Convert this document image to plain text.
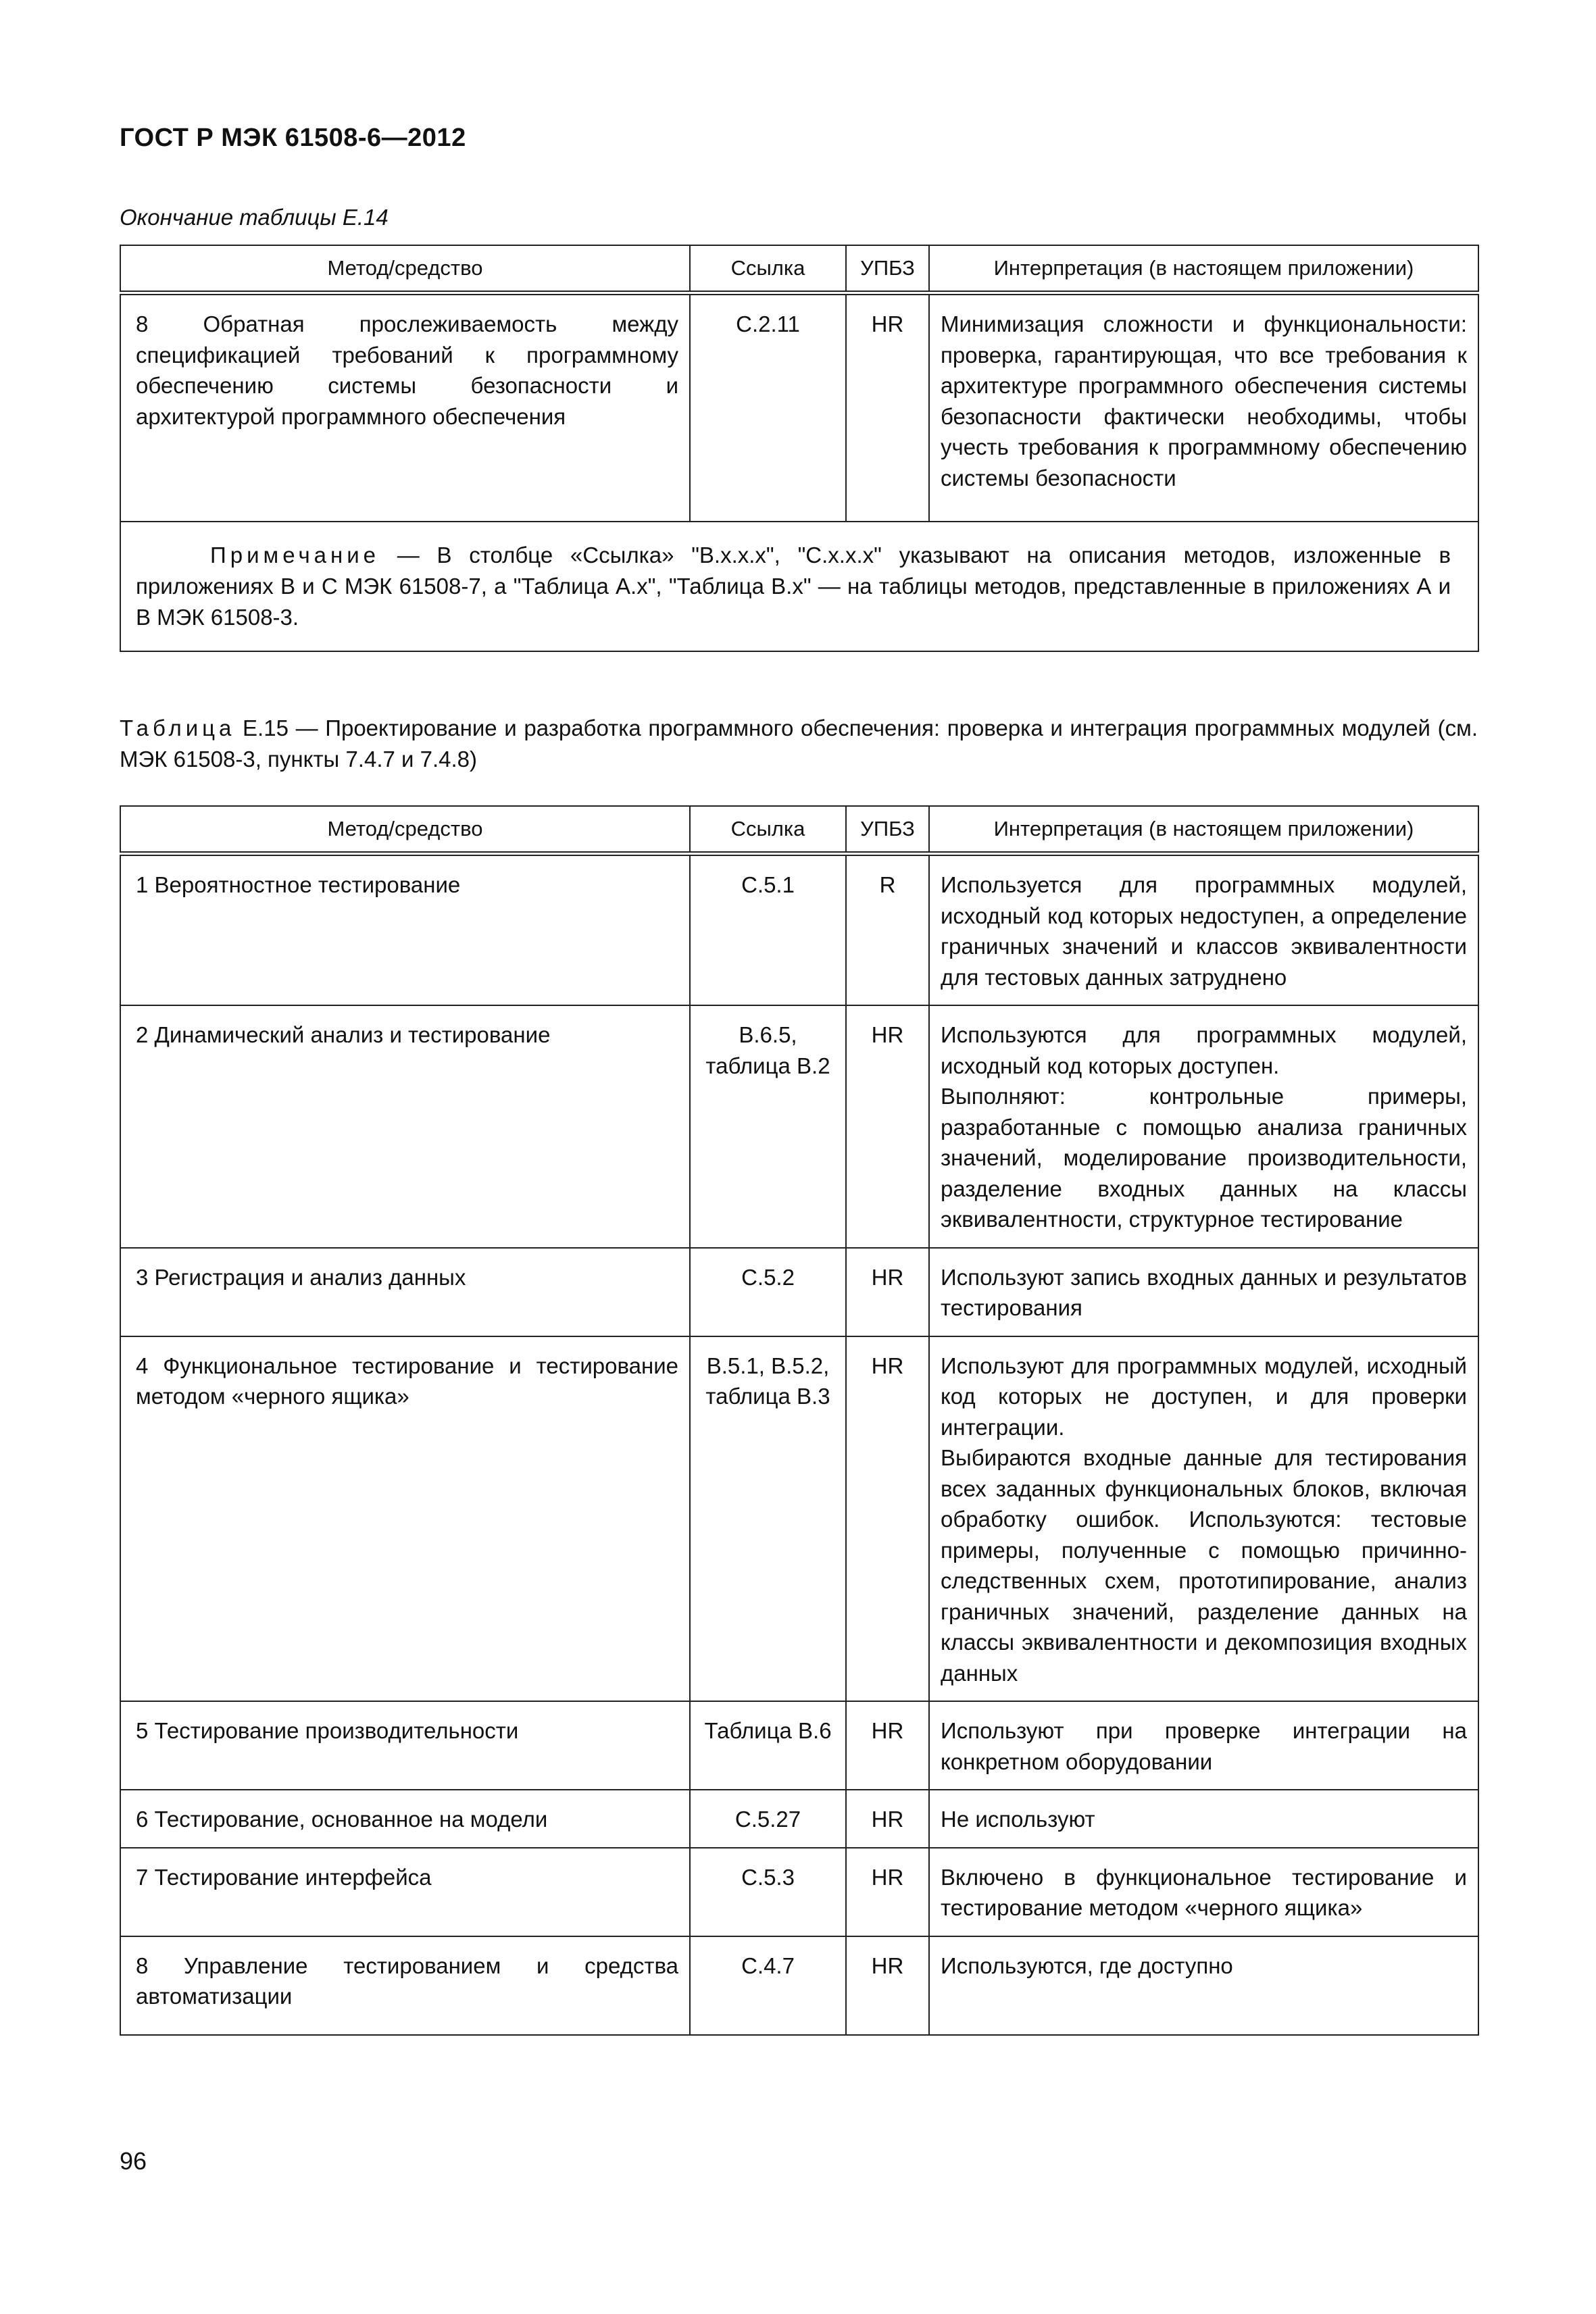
ГОСТ Р МЭК 61508-6—2012
Окончание таблицы Е.14
Метод/средство	Ссылка	УПБЗ	Интерпретация (в настоящем приложении)
8 Обратная прослеживаемость между спецификацией требований к программному обеспечению системы безопасности и архитектурой программного обеспечения	С.2.11	HR	Минимизация сложности и функциональности: проверка, гарантирующая, что все требования к архитектуре программного обеспечения системы безопасности фактически необходимы, чтобы учесть требования к программному обеспечению системы безопасности
Примечание — В столбце «Ссылка» "В.х.х.х", "С.х.х.х" указывают на описания методов, изложенные в приложениях В и С МЭК 61508-7, а "Таблица А.х", "Таблица В.х" — на таблицы методов, представленные в приложениях А и В МЭК 61508-3.			
Таблица Е.15 — Проектирование и разработка программного обеспечения: проверка и интеграция программных модулей (см. МЭК 61508-3, пункты 7.4.7 и 7.4.8)
Метод/средство	Ссылка	УПБЗ	Интерпретация (в настоящем приложении)
1 Вероятностное тестирование	С.5.1	R	Используется для программных модулей, исходный код которых недоступен, а определение граничных значений и классов эквивалентности для тестовых данных затруднено
2 Динамический анализ и тестирование	В.6.5, таблица В.2	HR	Используются для программных модулей, исходный код которых доступен.
Выполняют: контрольные примеры, разработанные с помощью анализа граничных значений, моделирование производительности, разделение входных данных на классы эквивалентности, структурное тестирование

3 Регистрация и анализ данных	С.5.2	HR	Используют запись входных данных и результатов тестирования
4 Функциональное тестирование и тестирование методом «черного ящика»	В.5.1, В.5.2, таблица В.3	HR	Используют для программных модулей, исходный код которых не доступен, и для проверки интеграции.
Выбираются входные данные для тестирования всех заданных функциональных блоков, включая обработку ошибок. Используются: тестовые примеры, полученные с помощью причинно-следственных схем, прототипирование, анализ граничных значений, разделение данных на классы эквивалентности и декомпозиция входных данных

5 Тестирование производительности	Таблица В.6	HR	Используют при проверке интеграции на конкретном оборудовании
6 Тестирование, основанное на модели	С.5.27	HR	Не используют
7 Тестирование интерфейса	С.5.3	HR	Включено в функциональное тестирование и тестирование методом «черного ящика»
8 Управление тестированием и средства автоматизации	С.4.7	HR	Используются, где доступно
96
